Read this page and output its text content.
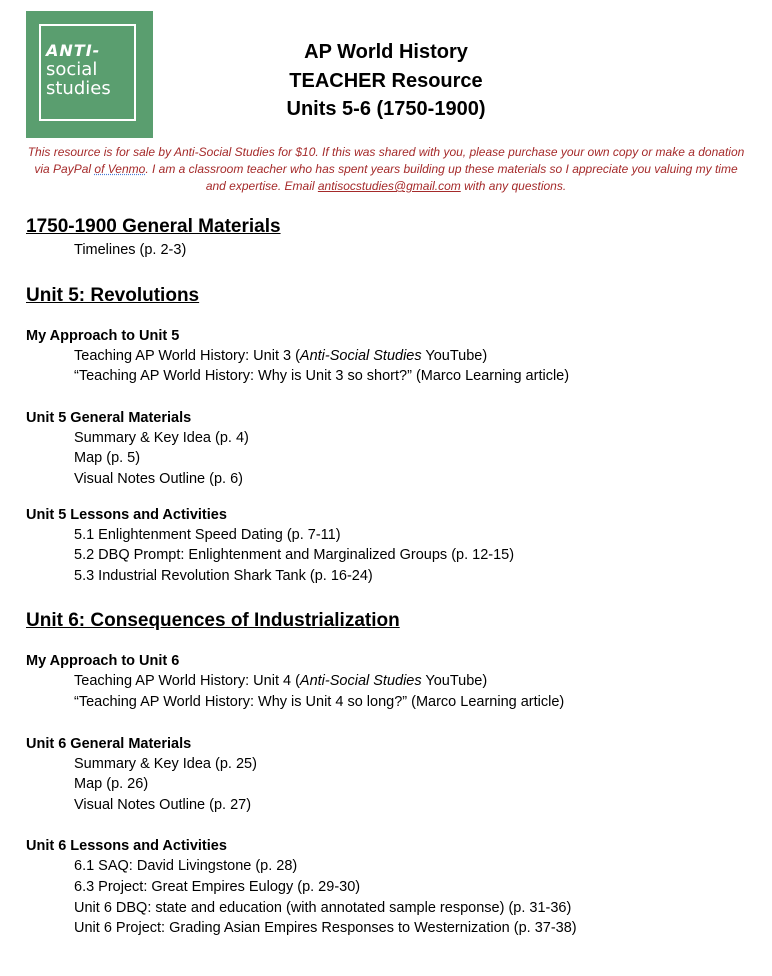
ANTI-
social
studies
AP World History
TEACHER Resource
Units 5-6 (1750-1900)
This resource is for sale by Anti-Social Studies for $10. If this was shared with you, please purchase your own copy or make a donation via PayPal of Venmo. I am a classroom teacher who has spent years building up these materials so I appreciate you valuing my time and expertise. Email antisocstudies@gmail.com with any questions.
1750-1900 General Materials
Timelines (p. 2-3)
Unit 5: Revolutions
My Approach to Unit 5
Teaching AP World History: Unit 3 (Anti-Social Studies YouTube)
“Teaching AP World History: Why is Unit 3 so short?” (Marco Learning article)
Unit 5 General Materials
Summary & Key Idea (p. 4)
Map (p. 5)
Visual Notes Outline (p. 6)
Unit 5 Lessons and Activities
5.1 Enlightenment Speed Dating (p. 7-11)
5.2 DBQ Prompt: Enlightenment and Marginalized Groups (p. 12-15)
5.3 Industrial Revolution Shark Tank (p. 16-24)
Unit 6: Consequences of Industrialization
My Approach to Unit 6
Teaching AP World History: Unit 4 (Anti-Social Studies YouTube)
“Teaching AP World History: Why is Unit 4 so long?” (Marco Learning article)
Unit 6 General Materials
Summary & Key Idea (p. 25)
Map (p. 26)
Visual Notes Outline (p. 27)
Unit 6 Lessons and Activities
6.1 SAQ: David Livingstone (p. 28)
6.3 Project: Great Empires Eulogy (p. 29-30)
Unit 6 DBQ: state and education (with annotated sample response) (p. 31-36)
Unit 6 Project: Grading Asian Empires Responses to Westernization (p. 37-38)
